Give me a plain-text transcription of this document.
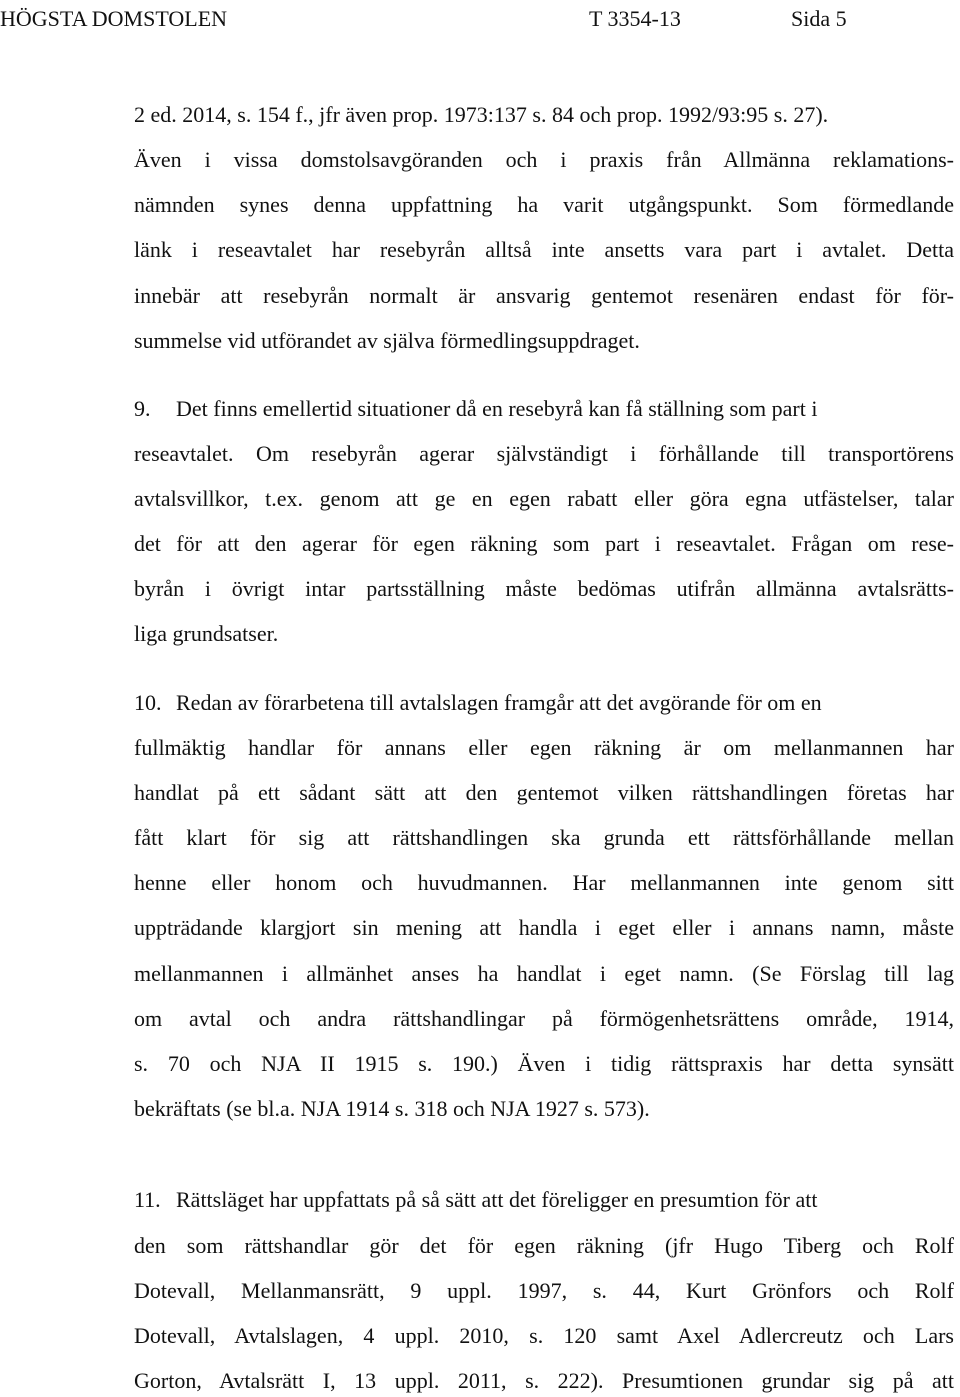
HÖGSTA DOMSTOLEN	T 3354-13	Sida 5
2 ed. 2014, s. 154 f., jfr även prop. 1973:137 s. 84 och prop. 1992/93:95 s. 27).
Även i vissa domstolsavgöranden och i praxis från Allmänna reklamations-
nämnden synes denna uppfattning ha varit utgångspunkt. Som förmedlande
länk i reseavtalet har resebyrån alltså inte ansetts vara part i avtalet. Detta
innebär att resebyrån normalt är ansvarig gentemot resenären endast för för-
summelse vid utförandet av själva förmedlingsuppdraget.
9. Det finns emellertid situationer då en resebyrå kan få ställning som part i
reseavtalet. Om resebyrån agerar självständigt i förhållande till transportörens
avtalsvillkor, t.ex. genom att ge en egen rabatt eller göra egna utfästelser, talar
det för att den agerar för egen räkning som part i reseavtalet. Frågan om rese-
byrån i övrigt intar partsställning måste bedömas utifrån allmänna avtalsrätts-
liga grundsatser.
10. Redan av förarbetena till avtalslagen framgår att det avgörande för om en
fullmäktig handlar för annans eller egen räkning är om mellanmannen har
handlat på ett sådant sätt att den gentemot vilken rättshandlingen företas har
fått klart för sig att rättshandlingen ska grunda ett rättsförhållande mellan
henne eller honom och huvudmannen. Har mellanmannen inte genom sitt
uppträdande klargjort sin mening att handla i eget eller i annans namn, måste
mellanmannen i allmänhet anses ha handlat i eget namn. (Se Förslag till lag
om avtal och andra rättshandlingar på förmögenhetsrättens område, 1914,
s. 70 och NJA II 1915 s. 190.) Även i tidig rättspraxis har detta synsätt
bekräftats (se bl.a. NJA 1914 s. 318 och NJA 1927 s. 573).
11. Rättsläget har uppfattats på så sätt att det föreligger en presumtion för att
den som rättshandlar gör det för egen räkning (jfr Hugo Tiberg och Rolf
Dotevall, Mellanmansrätt, 9 uppl. 1997, s. 44, Kurt Grönfors och Rolf
Dotevall, Avtalslagen, 4 uppl. 2010, s. 120 samt Axel Adlercreutz och Lars
Gorton, Avtalsrätt I, 13 uppl. 2011, s. 222). Presumtionen grundar sig på att
